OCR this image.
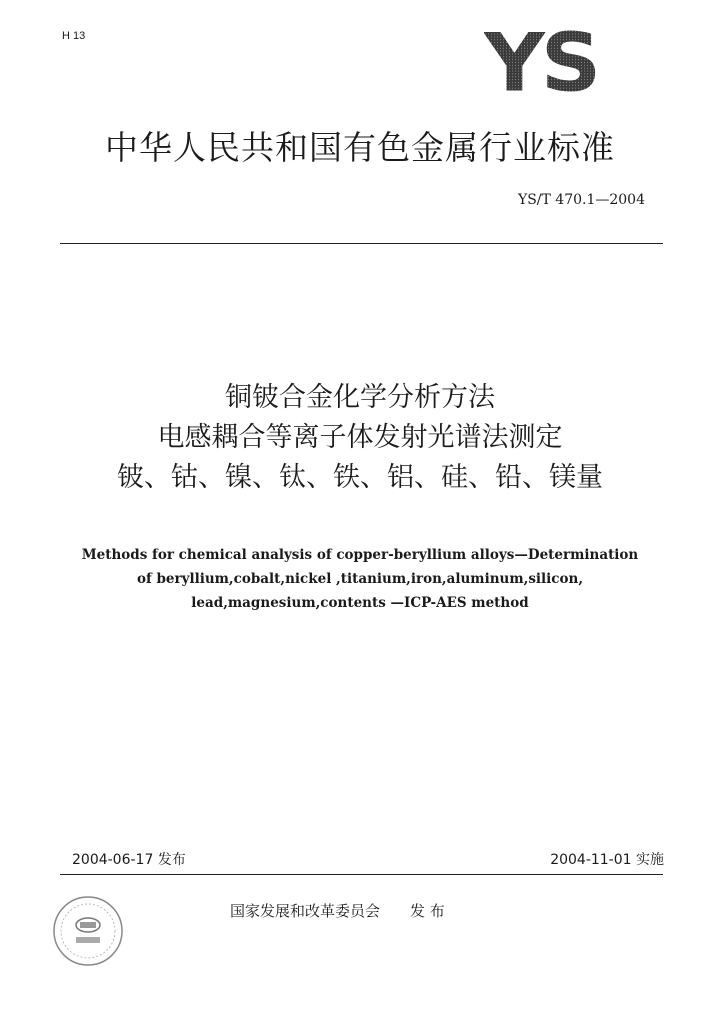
H 13	YS
中华人民共和国有色金属行业标准
YS/T 470.1—2004
铜铍合金化学分析方法
电感耦合等离子体发射光谱法测定
铍、钴、镍、钛、铁、铝、硅、铅、镁量
Methods for chemical analysis of copper-beryllium alloys—Determination
of beryllium,cobalt,nickel ,titanium,iron,aluminum,silicon,
lead,magnesium,contents —ICP-AES method
2004-06-17 发布	2004-11-01 实施
国家发展和改革委员会 发 布
